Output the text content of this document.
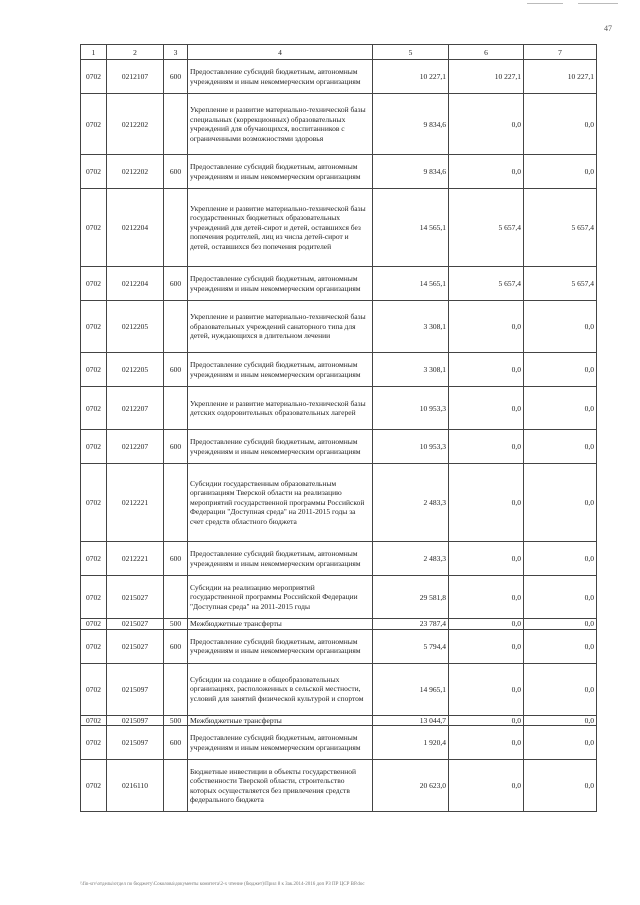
47
1	2	3	4	5	6	7
0702	0212107	600	Предоставление субсидий бюджетным, автономным учреждениям и иным некоммерческим организациям	10 227,1	10 227,1	10 227,1
0702	0212202		Укрепление и развитие материально-технической базы специальных (коррекционных) образовательных учреждений для обучающихся, воспитанников с ограниченными возможностями здоровья	9 834,6	0,0	0,0
0702	0212202	600	Предоставление субсидий бюджетным, автономным учреждениям и иным некоммерческим организациям	9 834,6	0,0	0,0
0702	0212204		Укрепление и развитие материально-технической базы государственных бюджетных образовательных учреждений для детей-сирот и детей, оставшихся без попечения родителей, лиц из числа детей-сирот и детей, оставшихся без попечения родителей	14 565,1	5 657,4	5 657,4
0702	0212204	600	Предоставление субсидий бюджетным, автономным учреждениям и иным некоммерческим организациям	14 565,1	5 657,4	5 657,4
0702	0212205		Укрепление и развитие материально-технической базы образовательных учреждений санаторного типа для детей, нуждающихся в длительном лечении	3 308,1	0,0	0,0
0702	0212205	600	Предоставление субсидий бюджетным, автономным учреждениям и иным некоммерческим организациям	3 308,1	0,0	0,0
0702	0212207		Укрепление и развитие материально-технической базы детских оздоровительных образовательных лагерей	10 953,3	0,0	0,0
0702	0212207	600	Предоставление субсидий бюджетным, автономным учреждениям и иным некоммерческим организациям	10 953,3	0,0	0,0
0702	0212221		Субсидии государственным образовательным организациям Тверской области на реализацию мероприятий государственной программы Российской Федерации "Доступная среда" на 2011-2015 годы за счет средств областного бюджета	2 483,3	0,0	0,0
0702	0212221	600	Предоставление субсидий бюджетным, автономным учреждениям и иным некоммерческим организациям	2 483,3	0,0	0,0
0702	0215027		Субсидии на реализацию мероприятий государственной программы Российской Федерации "Доступная среда" на 2011-2015 годы	29 581,8	0,0	0,0
0702	0215027	500	Межбюджетные трансферты	23 787,4	0,0	0,0
0702	0215027	600	Предоставление субсидий бюджетным, автономным учреждениям и иным некоммерческим организациям	5 794,4	0,0	0,0
0702	0215097		Субсидии на создание в общеобразовательных организациях, расположенных в сельской местности, условий для занятий физической культурой и спортом	14 965,1	0,0	0,0
0702	0215097	500	Межбюджетные трансферты	13 044,7	0,0	0,0
0702	0215097	600	Предоставление субсидий бюджетным, автономным учреждениям и иным некоммерческим организациям	1 920,4	0,0	0,0
0702	0216110		Бюджетные инвестиции в объекты государственной собственности Тверской области, строительство которых осуществляется без привлечения средств федерального бюджета	20 623,0	0,0	0,0
\\fin-srv\отделы\отдел по бюджету\Соколова\документы комитета\2-х чтение (бюджет)\Прил 8 к Зак.2014-2016 доп РЗ ПР ЦСР ВР.doc
